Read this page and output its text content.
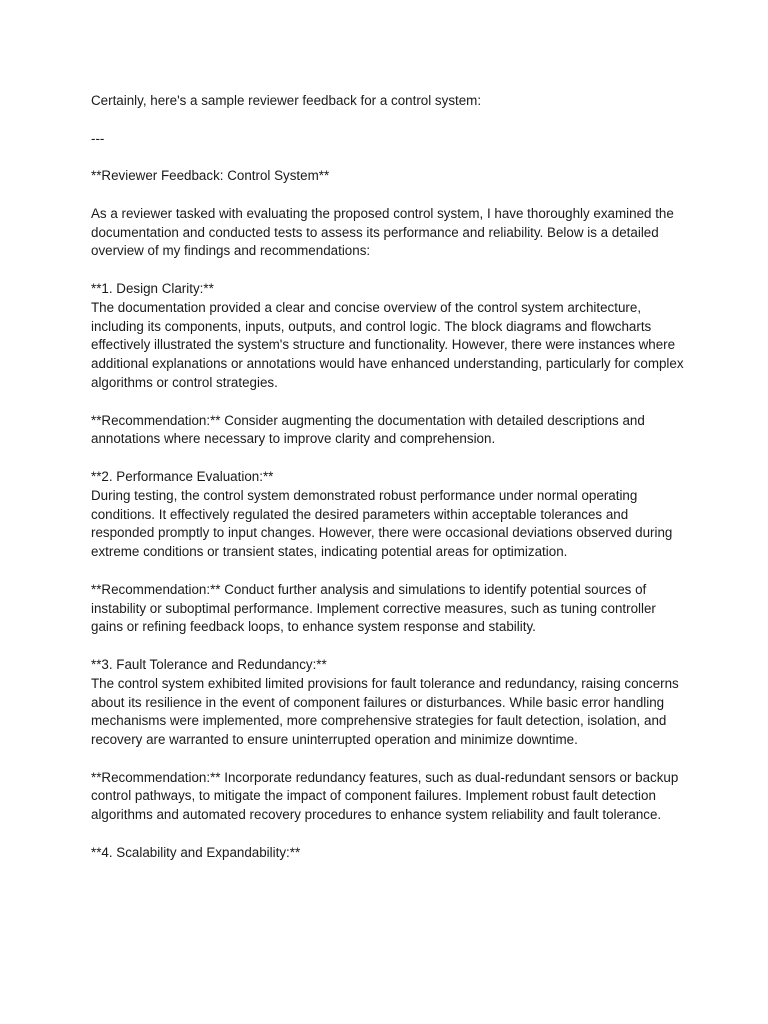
Certainly, here's a sample reviewer feedback for a control system:

---

**Reviewer Feedback: Control System**

As a reviewer tasked with evaluating the proposed control system, I have thoroughly examined the documentation and conducted tests to assess its performance and reliability. Below is a detailed overview of my findings and recommendations:

**1. Design Clarity:**
The documentation provided a clear and concise overview of the control system architecture, including its components, inputs, outputs, and control logic. The block diagrams and flowcharts effectively illustrated the system's structure and functionality. However, there were instances where additional explanations or annotations would have enhanced understanding, particularly for complex algorithms or control strategies.

**Recommendation:** Consider augmenting the documentation with detailed descriptions and annotations where necessary to improve clarity and comprehension.

**2. Performance Evaluation:**
During testing, the control system demonstrated robust performance under normal operating conditions. It effectively regulated the desired parameters within acceptable tolerances and responded promptly to input changes. However, there were occasional deviations observed during extreme conditions or transient states, indicating potential areas for optimization.

**Recommendation:** Conduct further analysis and simulations to identify potential sources of instability or suboptimal performance. Implement corrective measures, such as tuning controller gains or refining feedback loops, to enhance system response and stability.

**3. Fault Tolerance and Redundancy:**
The control system exhibited limited provisions for fault tolerance and redundancy, raising concerns about its resilience in the event of component failures or disturbances. While basic error handling mechanisms were implemented, more comprehensive strategies for fault detection, isolation, and recovery are warranted to ensure uninterrupted operation and minimize downtime.

**Recommendation:** Incorporate redundancy features, such as dual-redundant sensors or backup control pathways, to mitigate the impact of component failures. Implement robust fault detection algorithms and automated recovery procedures to enhance system reliability and fault tolerance.

**4. Scalability and Expandability:**
